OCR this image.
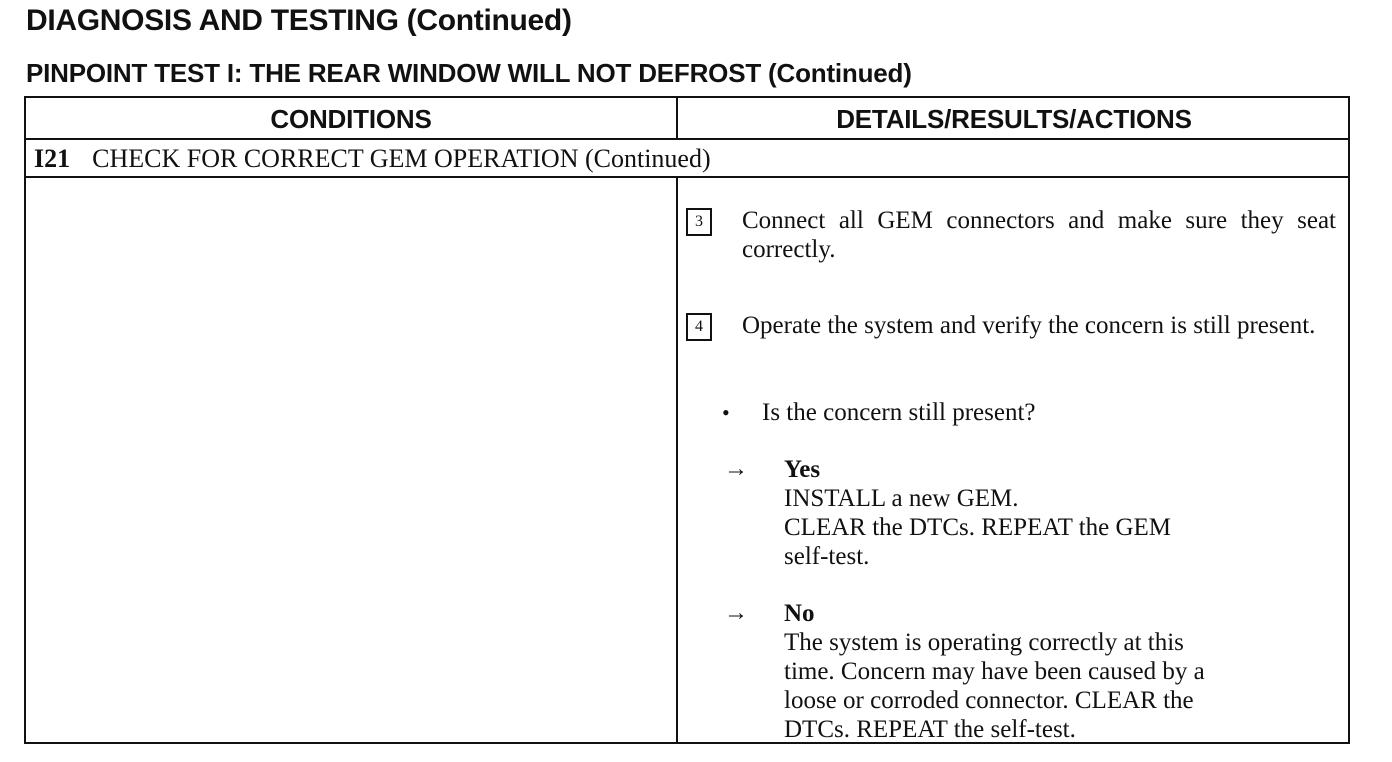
DIAGNOSIS AND TESTING (Continued)
PINPOINT TEST I: THE REAR WINDOW WILL NOT DEFROST (Continued)
CONDITIONS	DETAILS/RESULTS/ACTIONS
I21 CHECK FOR CORRECT GEM OPERATION (Continued)
3	Connect all GEM connectors and make sure they seat correctly.
4	Operate the system and verify the concern is still present.
• Is the concern still present?
→ Yes
INSTALL a new GEM.
CLEAR the DTCs. REPEAT the GEM
self-test.
→ No
The system is operating correctly at this
time. Concern may have been caused by a
loose or corroded connector. CLEAR the
DTCs. REPEAT the self-test.
